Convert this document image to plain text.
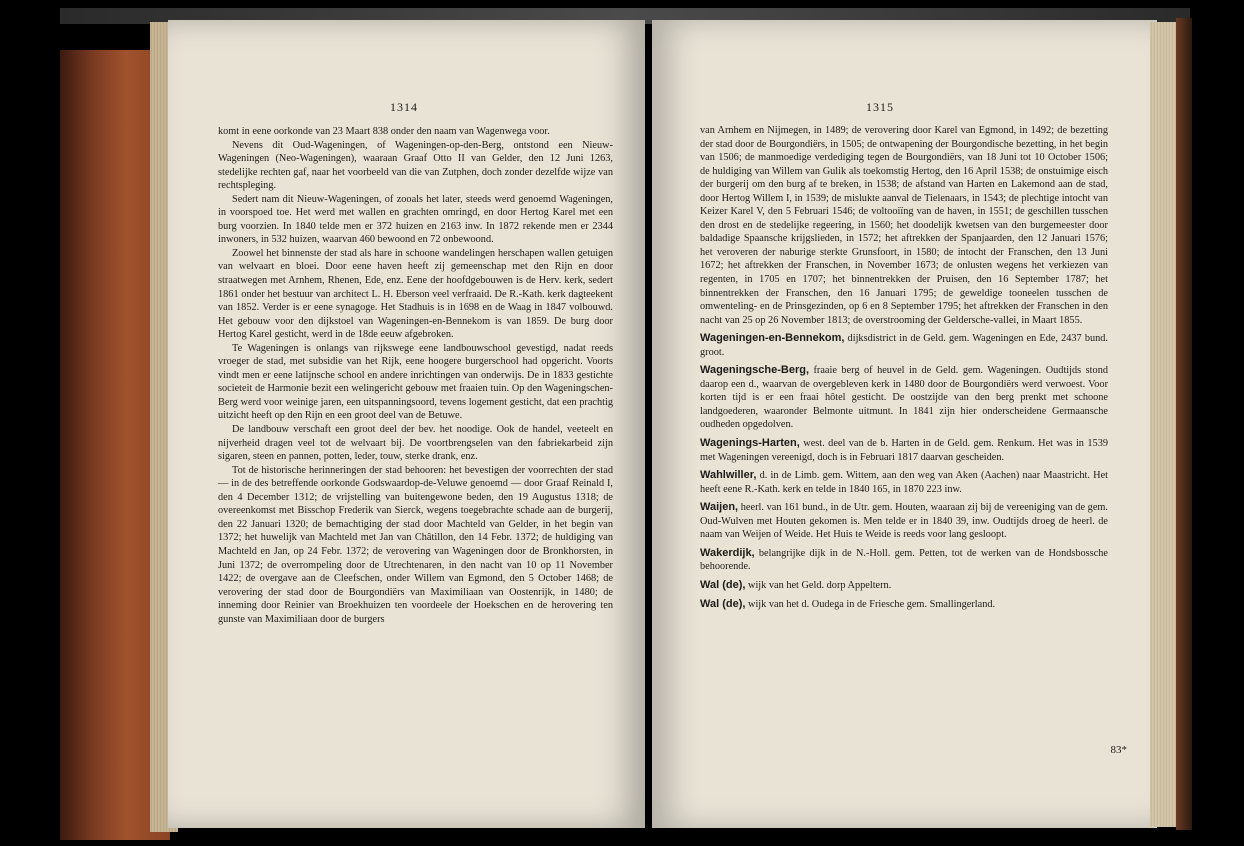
1314

komt in eene oorkonde van 23 Maart 838 onder den naam van Wagenwega voor.

Nevens dit Oud-Wageningen, of Wageningen-op-den-Berg, ontstond een Nieuw-Wageningen (Neo-Wageningen), waaraan Graaf Otto II van Gelder, den 12 Juni 1263, stedelijke rechten gaf, naar het voorbeeld van die van Zutphen, doch zonder dezelfde wijze van rechtspleging.

Sedert nam dit Nieuw-Wageningen, of zooals het later, steeds werd genoemd Wageningen, in voorspoed toe. Het werd met wallen en grachten omringd, en door Hertog Karel met een burg voorzien. In 1840 telde men er 372 huizen en 2163 inw. In 1872 rekende men er 2344 inwoners, in 532 huizen, waarvan 460 bewoond en 72 onbewoond.

Zoowel het binnenste der stad als hare in schoone wandelingen herschapen wallen getuigen van welvaart en bloei. Door eene haven heeft zij gemeenschap met den Rijn en door straatwegen met Arnhem, Rhenen, Ede, enz. Eene der hoofdgebouwen is de Herv. kerk, sedert 1861 onder het bestuur van architect L. H. Eberson veel verfraaid. De R.-Kath. kerk dagteekent van 1852. Verder is er eene synagoge. Het Stadhuis is in 1698 en de Waag in 1847 volbouwd. Het gebouw voor den dijkstoel van Wageningen-en-Bennekom is van 1859. De burg door Hertog Karel gesticht, werd in de 18de eeuw afgebroken.

Te Wageningen is onlangs van rijkswege eene landbouwschool gevestigd, nadat reeds vroeger de stad, met subsidie van het Rijk, eene hoogere burgerschool had opgericht. Voorts vindt men er eene latijnsche school en andere inrichtingen van onderwijs. De in 1833 gestichte societeit de Harmonie bezit een welingericht gebouw met fraaien tuin. Op den Wageningschen-Berg werd voor weinige jaren, een uitspanningsoord, tevens logement gesticht, dat een prachtig uitzicht heeft op den Rijn en een groot deel van de Betuwe.

De landbouw verschaft een groot deel der bev. het noodige. Ook de handel, veeteelt en nijverheid dragen veel tot de welvaart bij. De voortbrengselen van den fabriekarbeid zijn sigaren, steen en pannen, potten, leder, touw, sterke drank, enz.

Tot de historische herinneringen der stad behooren: het bevestigen der voorrechten der stad — in de des betreffende oorkonde Godswaardop-de-Veluwe genoemd — door Graaf Reinald I, den 4 December 1312; de vrijstelling van buitengewone beden, den 19 Augustus 1318; de overeenkomst met Bisschop Frederik van Sierck, wegens toegebrachte schade aan de burgerij, den 22 Januari 1320; de bemachtiging der stad door Machteld van Gelder, in het begin van 1372; het huwelijk van Machteld met Jan van Châtillon, den 14 Febr. 1372; de huldiging van Machteld en Jan, op 24 Febr. 1372; de verovering van Wageningen door de Bronkhorsten, in Juni 1372; de overrompeling door de Utrechtenaren, in den nacht van 10 op 11 November 1422; de overgave aan de Cleefschen, onder Willem van Egmond, den 5 October 1468; de verovering der stad door de Bourgondiërs van Maximiliaan van Oostenrijk, in 1480; de inneming door Reinier van Broekhuizen ten voordeele der Hoekschen en de herovering ten gunste van Maximiliaan door de burgers

1315

van Arnhem en Nijmegen, in 1489; de verovering door Karel van Egmond, in 1492; de bezetting der stad door de Bourgondiërs, in 1505; de ontwapening der Bourgondische bezetting, in het begin van 1506; de manmoedige verdediging tegen de Bourgondiërs, van 18 Juni tot 10 October 1506; de huldiging van Willem van Gulik als toekomstig Hertog, den 16 April 1538; de onstuimige eisch der burgerij om den burg af te breken, in 1538; de afstand van Harten en Lakemond aan de stad, door Hertog Willem I, in 1539; de mislukte aanval de Tielenaars, in 1543; de plechtige intocht van Keizer Karel V, den 5 Februari 1546; de voltooiïng van de haven, in 1551; de geschillen tusschen den drost en de stedelijke regeering, in 1560; het doodelijk kwetsen van den burgemeester door baldadige Spaansche krijgslieden, in 1572; het aftrekken der Spanjaarden, den 12 Januari 1576; het veroveren der naburige sterkte Grunsfoort, in 1580; de intocht der Franschen, den 13 Juni 1672; het aftrekken der Franschen, in November 1673; de onlusten wegens het verkiezen van regenten, in 1705 en 1707; het binnentrekken der Pruisen, den 16 September 1787; het binnentrekken der Franschen, den 16 Januari 1795; de geweldige tooneelen tusschen de omwenteling- en de Prinsgezinden, op 6 en 8 September 1795; het aftrekken der Franschen in den nacht van 25 op 26 November 1813; de overstrooming der Geldersche-vallei, in Maart 1855.

Wageningen-en-Bennekom, dijksdistrict in de Geld. gem. Wageningen en Ede, 2437 bund. groot.

Wageningsche-Berg, fraaie berg of heuvel in de Geld. gem. Wageningen. Oudtijds stond daarop een d., waarvan de overgebleven kerk in 1480 door de Bourgondiërs werd verwoest. Voor korten tijd is er een fraai hôtel gesticht. De oostzijde van den berg prenkt met schoone landgoederen, waaronder Belmonte uitmunt. In 1841 zijn hier onderscheidene Germaansche oudheden opgedolven.

Wagenings-Harten, west. deel van de b. Harten in de Geld. gem. Renkum. Het was in 1539 met Wageningen vereenigd, doch is in Februari 1817 daarvan gescheiden.

Wahlwiller, d. in de Limb. gem. Wittem, aan den weg van Aken (Aachen) naar Maastricht. Het heeft eene R.-Kath. kerk en telde in 1840 165, in 1870 223 inw.

Waijen, heerl. van 161 bund., in de Utr. gem. Houten, waaraan zij bij de vereeniging van de gem. Oud-Wulven met Houten gekomen is. Men telde er in 1840 39, inw. Oudtijds droeg de heerl. de naam van Weijen of Weide. Het Huis te Weide is reeds voor lang gesloopt.

Wakerdijk, belangrijke dijk in de N.-Holl. gem. Petten, tot de werken van de Hondsbossche behoorende.

Wal (de), wijk van het Geld. dorp Appeltern.

Wal (de), wijk van het d. Oudega in de Friesche gem. Smallingerland.

83*
